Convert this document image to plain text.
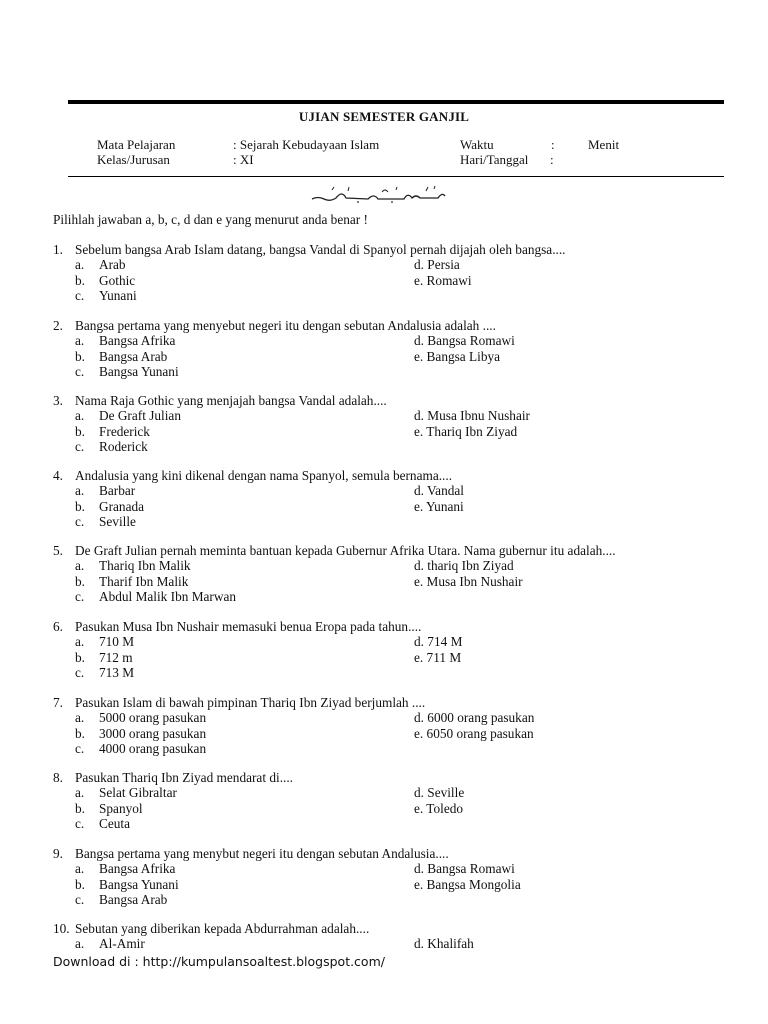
UJIAN SEMESTER GANJIL
Mata Pelajaran	: Sejarah Kebudayaan Islam
Kelas/Jurusan	: XI
Waktu	:	Menit
Hari/Tanggal :
Pilihlah jawaban a, b, c, d dan e yang menurut anda benar !
1. Sebelum bangsa Arab Islam datang, bangsa Vandal di Spanyol pernah dijajah oleh bangsa....
a. Arab	d. Persia
b. Gothic	e. Romawi
c. Yunani
2. Bangsa pertama yang menyebut negeri itu dengan sebutan Andalusia adalah ....
a. Bangsa Afrika	d. Bangsa Romawi
b. Bangsa Arab	e. Bangsa Libya
c. Bangsa Yunani
3. Nama Raja Gothic yang menjajah bangsa Vandal adalah....
a. De Graft Julian	d. Musa Ibnu Nushair
b. Frederick	e. Thariq Ibn Ziyad
c. Roderick
4. Andalusia yang kini dikenal dengan nama Spanyol, semula bernama....
a. Barbar	d. Vandal
b. Granada	e. Yunani
c. Seville
5. De Graft Julian pernah meminta bantuan kepada Gubernur Afrika Utara. Nama gubernur itu adalah....
a. Thariq Ibn Malik	d. thariq Ibn Ziyad
b. Tharif Ibn Malik	e. Musa Ibn Nushair
c. Abdul Malik Ibn Marwan
6. Pasukan Musa Ibn Nushair memasuki benua Eropa pada tahun....
a. 710 M	d. 714 M
b. 712 m	e. 711 M
c. 713 M
7. Pasukan Islam di bawah pimpinan Thariq Ibn Ziyad berjumlah ....
a. 5000 orang pasukan	d. 6000 orang pasukan
b. 3000 orang pasukan	e. 6050 orang pasukan
c. 4000 orang pasukan
8. Pasukan Thariq Ibn Ziyad mendarat di....
a. Selat Gibraltar	d. Seville
b. Spanyol	e. Toledo
c. Ceuta
9. Bangsa pertama yang menybut negeri itu dengan sebutan Andalusia....
a. Bangsa Afrika	d. Bangsa Romawi
b. Bangsa Yunani	e. Bangsa Mongolia
c. Bangsa Arab
10. Sebutan yang diberikan kepada Abdurrahman adalah....
a. Al-Amir	d. Khalifah
Download di : http://kumpulansoaltest.blogspot.com/
